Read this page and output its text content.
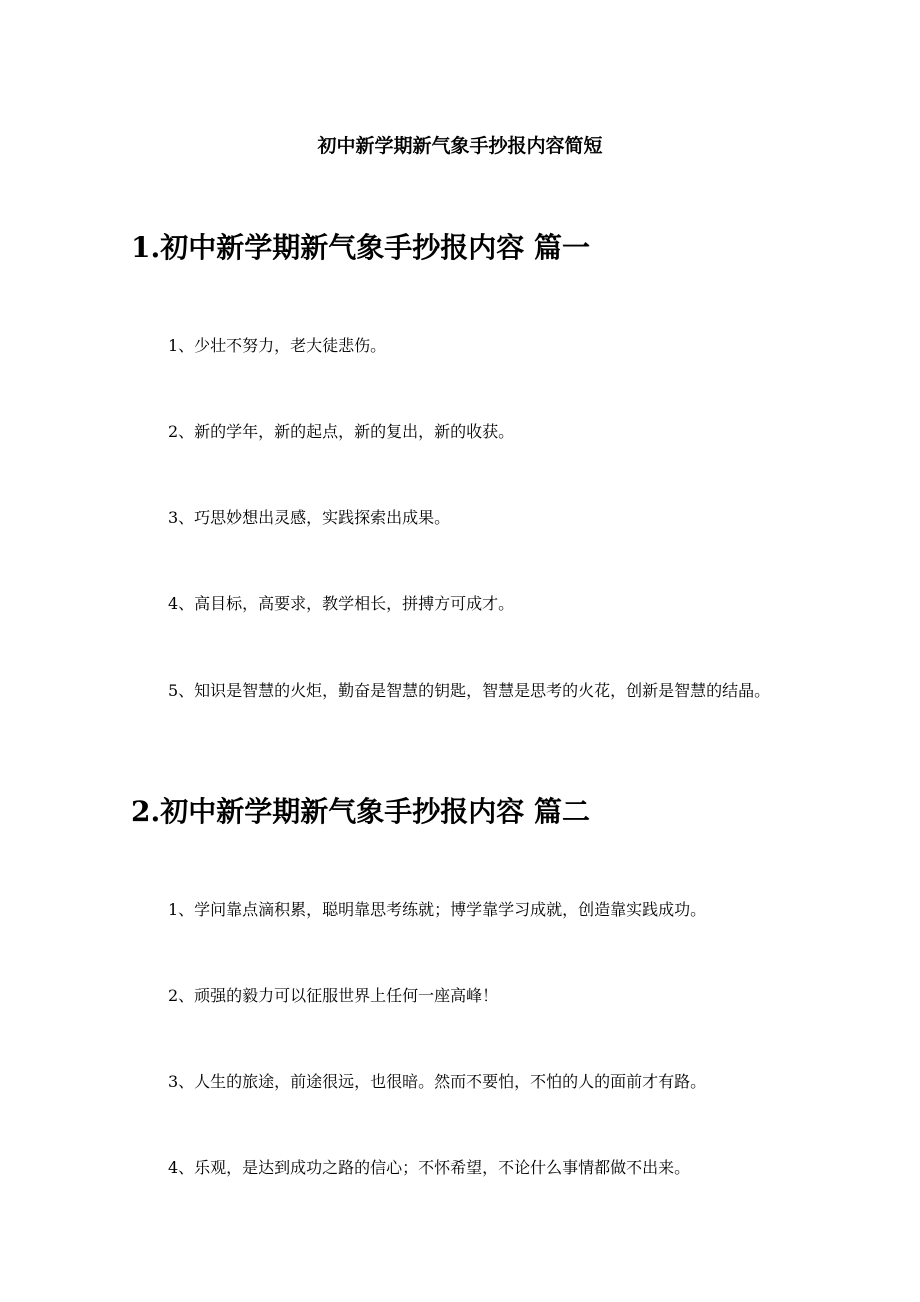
初中新学期新气象手抄报内容简短
1.初中新学期新气象手抄报内容 篇一

1、少壮不努力，老大徒悲伤。

2、新的学年，新的起点，新的复出，新的收获。

3、巧思妙想出灵感，实践探索出成果。

4、高目标，高要求，教学相长，拼搏方可成才。

5、知识是智慧的火炬，勤奋是智慧的钥匙，智慧是思考的火花，创新是智慧的结晶。

2.初中新学期新气象手抄报内容 篇二

1、学问靠点滴积累，聪明靠思考练就；博学靠学习成就，创造靠实践成功。

2、顽强的毅力可以征服世界上任何一座高峰！

3、人生的旅途，前途很远，也很暗。然而不要怕，不怕的人的面前才有路。

4、乐观，是达到成功之路的信心；不怀希望，不论什么事情都做不出来。
